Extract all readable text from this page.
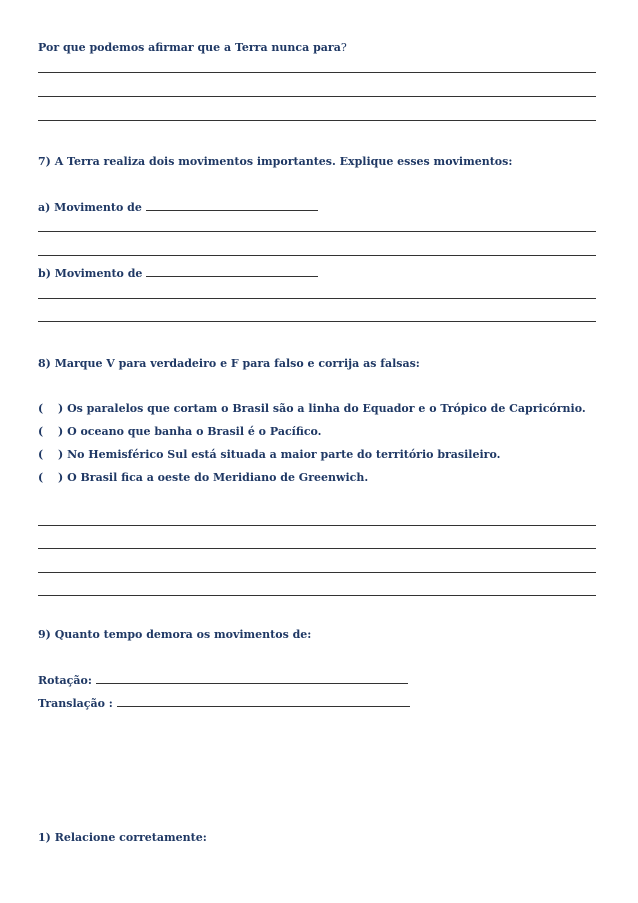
Por que podemos afirmar que a Terra nunca para?
7) A Terra realiza dois movimentos importantes. Explique esses movimentos:
a) Movimento de
b) Movimento de
8) Marque V para verdadeiro e F para falso e corrija as falsas:
( ) Os paralelos que cortam o Brasil são a linha do Equador e o Trópico de Capricórnio.
( ) O oceano que banha o Brasil é o Pacífico.
( ) No Hemisférico Sul está situada a maior parte do território brasileiro.
( ) O Brasil fica a oeste do Meridiano de Greenwich.
9) Quanto tempo demora os movimentos de:
Rotação:
Translação :
1) Relacione corretamente:
